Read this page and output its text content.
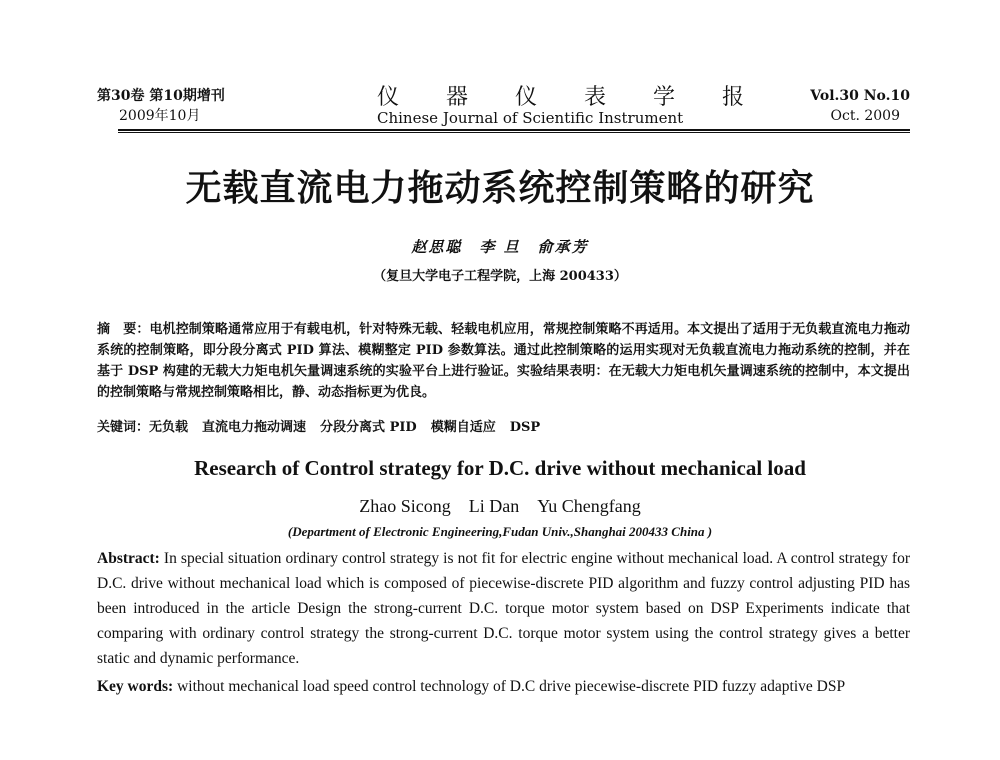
第30卷 第10期增刊
2009年10月
仪 器 仪 表 学 报
Chinese Journal of Scientific Instrument
Vol.30 No.10
Oct. 2009
无载直流电力拖动系统控制策略的研究
赵思聪　李 旦　俞承芳
（复旦大学电子工程学院，上海 200433）
摘　要：电机控制策略通常应用于有载电机，针对特殊无载、轻载电机应用，常规控制策略不再适用。本文提出了适用于无负载直流电力拖动系统的控制策略，即分段分离式 PID 算法、模糊整定 PID 参数算法。通过此控制策略的运用实现对无负载直流电力拖动系统的控制，并在基于 DSP 构建的无载大力矩电机矢量调速系统的实验平台上进行验证。实验结果表明：在无载大力矩电机矢量调速系统的控制中，本文提出的控制策略与常规控制策略相比，静、动态指标更为优良。
关键词：无负载 直流电力拖动调速 分段分离式 PID 模糊自适应 DSP
Research of Control strategy for D.C. drive without mechanical load
Zhao Sicong Li Dan Yu Chengfang
(Department of Electronic Engineering,Fudan Univ.,Shanghai 200433 China )
Abstract: In special situation ordinary control strategy is not fit for electric engine without mechanical load. A control strategy for D.C. drive without mechanical load which is composed of piecewise-discrete PID algorithm and fuzzy control adjusting PID has been introduced in the article Design the strong-current D.C. torque motor system based on DSP Experiments indicate that comparing with ordinary control strategy the strong-current D.C. torque motor system using the control strategy gives a better static and dynamic performance.
Key words: without mechanical load speed control technology of D.C drive piecewise-discrete PID fuzzy adaptive DSP
